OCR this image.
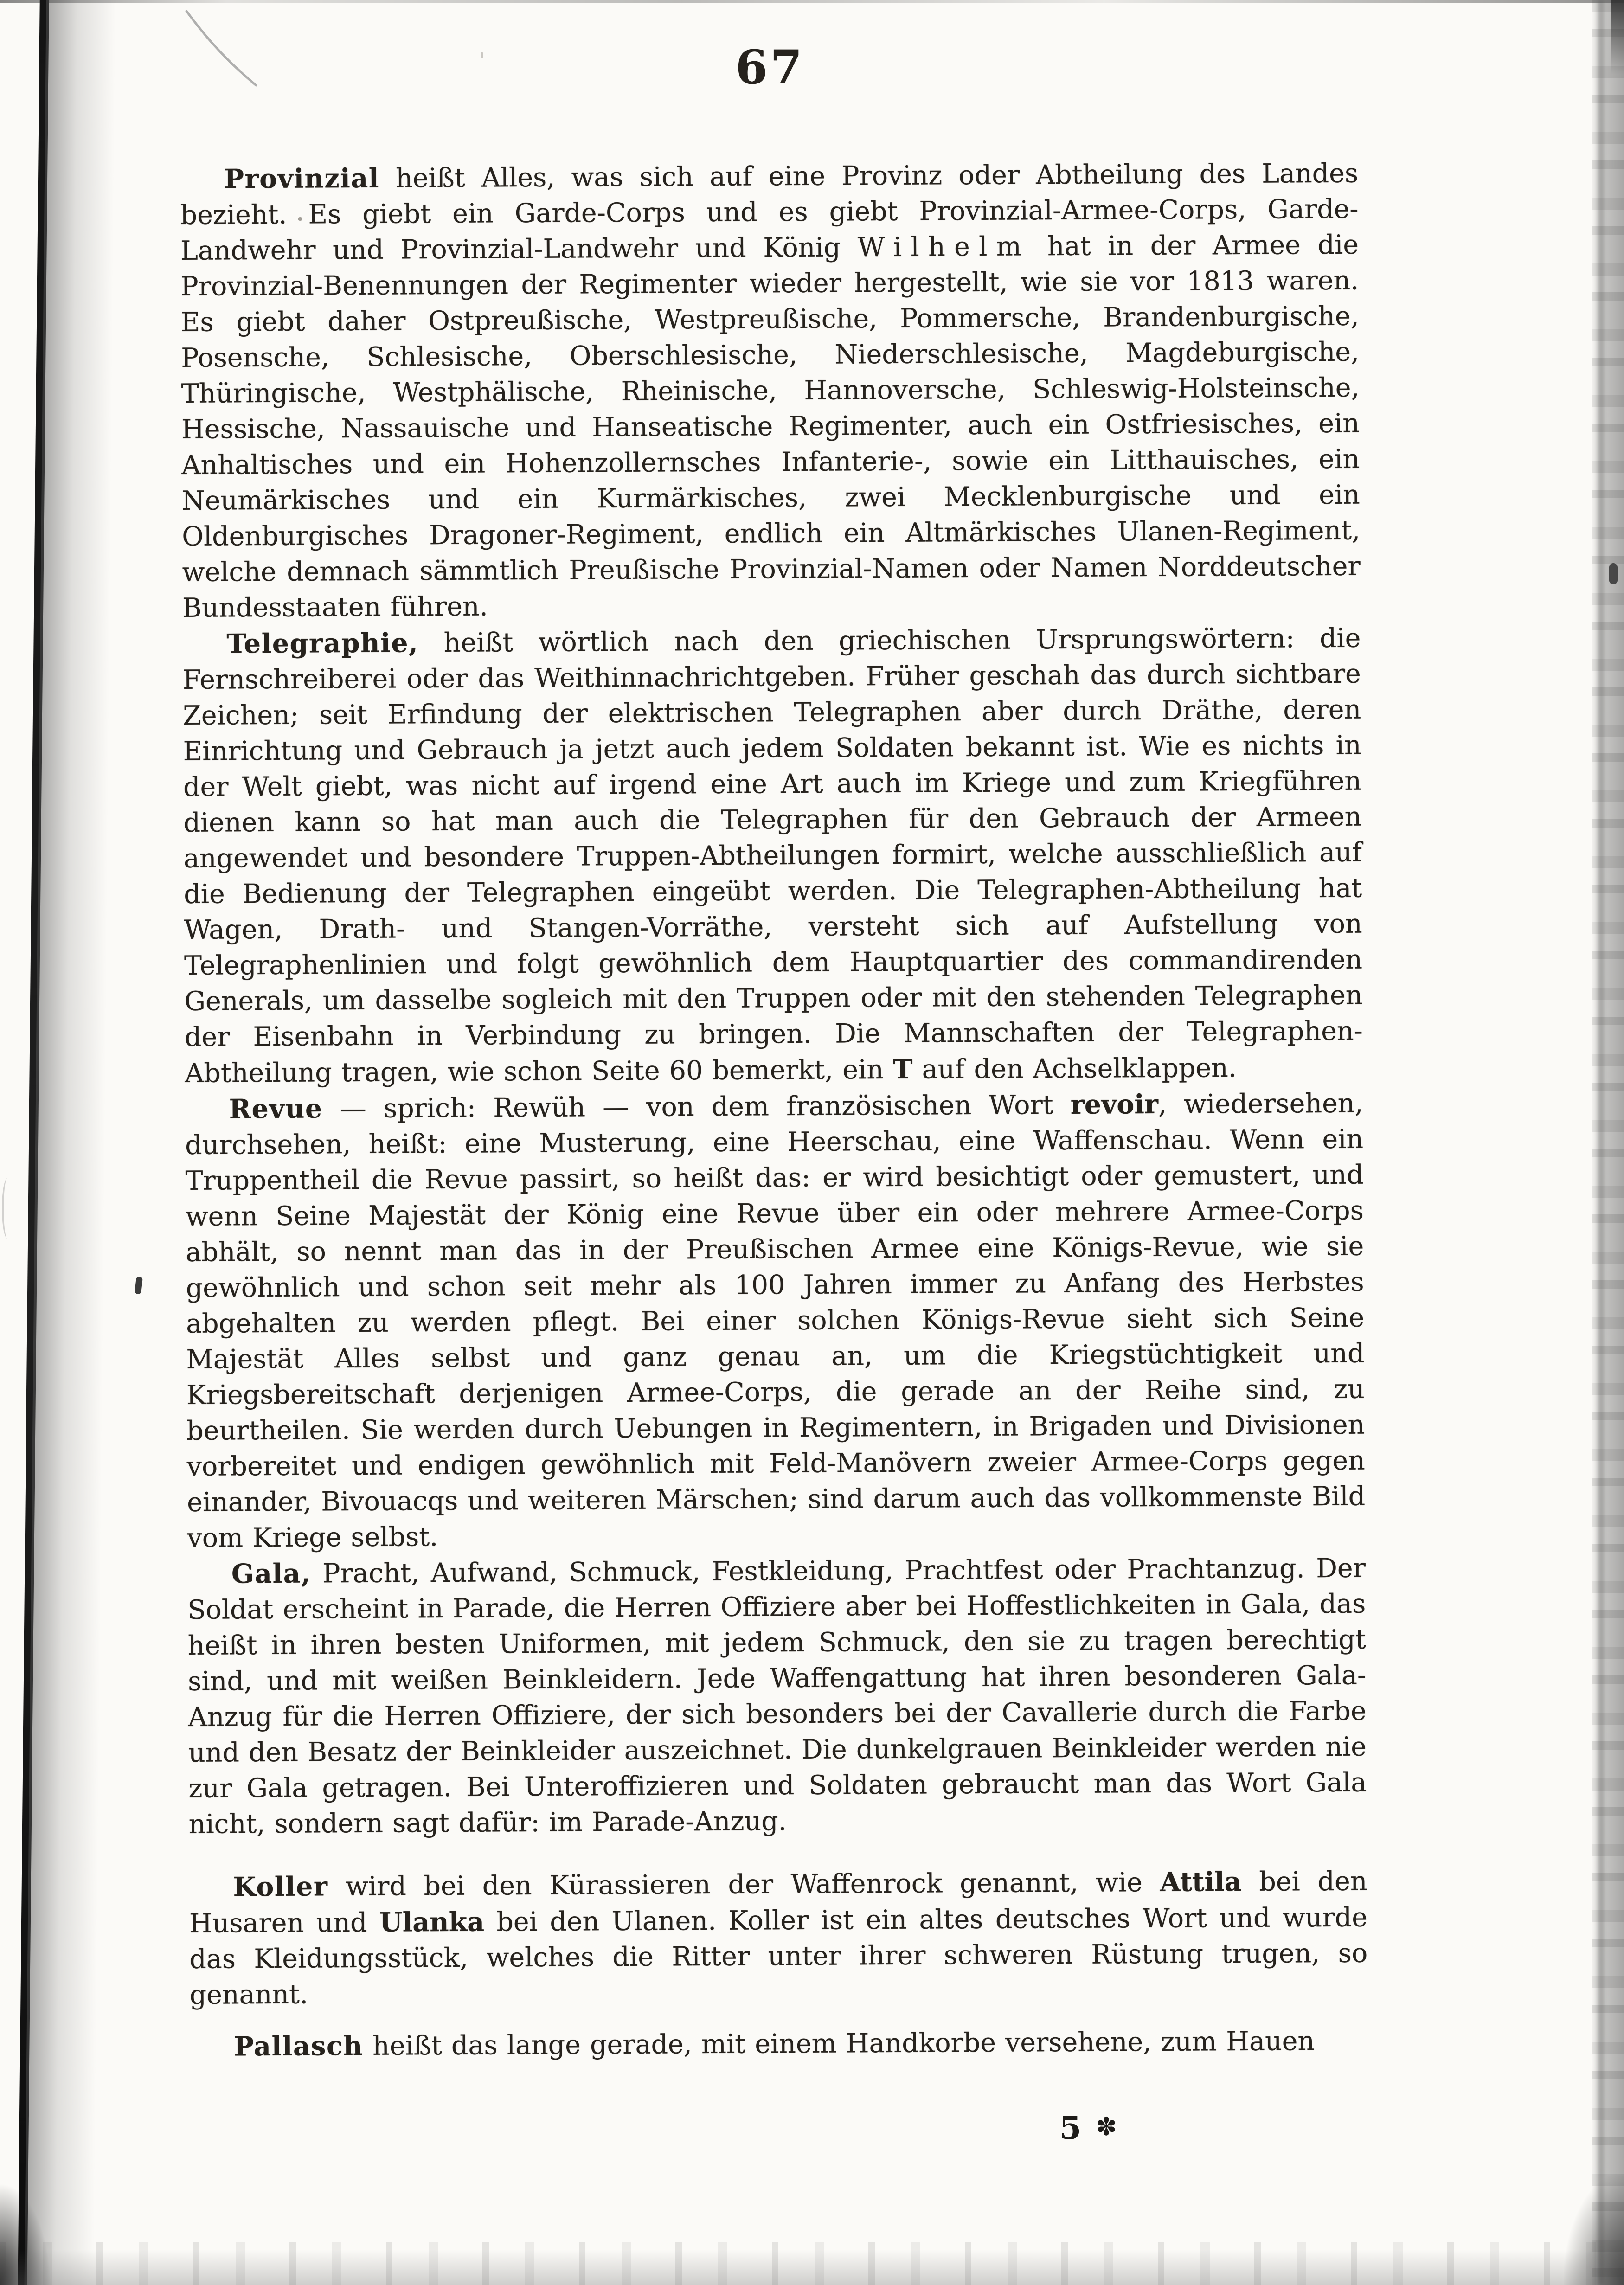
67

Provinzial heißt Alles, was sich auf eine Provinz oder Abtheilung des Landes bezieht. Es giebt ein Garde-Corps und es giebt Provinzial-Armee-Corps, Garde-Landwehr und Provinzial-Landwehr und König Wilhelm hat in der Armee die Provinzial-Benennungen der Regimenter wieder hergestellt, wie sie vor 1813 waren. Es giebt daher Ostpreußische, Westpreußische, Pommersche, Brandenburgische, Posensche, Schlesische, Oberschlesische, Niederschlesische, Magdeburgische, Thüringische, Westphälische, Rheinische, Hannoversche, Schleswig-Holsteinsche, Hessische, Nassauische und Hanseatische Regimenter, auch ein Ostfriesisches, ein Anhaltisches und ein Hohenzollernsches Infanterie-, sowie ein Litthauisches, ein Neumärkisches und ein Kurmärkisches, zwei Mecklenburgische und ein Oldenburgisches Dragoner-Regiment, endlich ein Altmärkisches Ulanen-Regiment, welche demnach sämmtlich Preußische Provinzial-Namen oder Namen Norddeutscher Bundesstaaten führen.

Telegraphie, heißt wörtlich nach den griechischen Ursprungswörtern: die Fernschreiberei oder das Weithinnachrichtgeben. Früher geschah das durch sichtbare Zeichen; seit Erfindung der elektrischen Telegraphen aber durch Dräthe, deren Einrichtung und Gebrauch ja jetzt auch jedem Soldaten bekannt ist. Wie es nichts in der Welt giebt, was nicht auf irgend eine Art auch im Kriege und zum Kriegführen dienen kann so hat man auch die Telegraphen für den Gebrauch der Armeen angewendet und besondere Truppen-Abtheilungen formirt, welche ausschließlich auf die Bedienung der Telegraphen eingeübt werden. Die Telegraphen-Abtheilung hat Wagen, Drath- und Stangen-Vorräthe, versteht sich auf Aufstellung von Telegraphenlinien und folgt gewöhnlich dem Hauptquartier des commandirenden Generals, um dasselbe sogleich mit den Truppen oder mit den stehenden Telegraphen der Eisenbahn in Verbindung zu bringen. Die Mannschaften der Telegraphen-Abtheilung tragen, wie schon Seite 60 bemerkt, ein T auf den Achselklappen.

Revue — sprich: Rewüh — von dem französischen Wort revoir, wiedersehen, durchsehen, heißt: eine Musterung, eine Heerschau, eine Waffenschau. Wenn ein Truppentheil die Revue passirt, so heißt das: er wird besichtigt oder gemustert, und wenn Seine Majestät der König eine Revue über ein oder mehrere Armee-Corps abhält, so nennt man das in der Preußischen Armee eine Königs-Revue, wie sie gewöhnlich und schon seit mehr als 100 Jahren immer zu Anfang des Herbstes abgehalten zu werden pflegt. Bei einer solchen Königs-Revue sieht sich Seine Majestät Alles selbst und ganz genau an, um die Kriegstüchtigkeit und Kriegsbereitschaft derjenigen Armee-Corps, die gerade an der Reihe sind, zu beurtheilen. Sie werden durch Uebungen in Regimentern, in Brigaden und Divisionen vorbereitet und endigen gewöhnlich mit Feld-Manövern zweier Armee-Corps gegen einander, Bivouacqs und weiteren Märschen; sind darum auch das vollkommenste Bild vom Kriege selbst.

Gala, Pracht, Aufwand, Schmuck, Festkleidung, Prachtfest oder Prachtanzug. Der Soldat erscheint in Parade, die Herren Offiziere aber bei Hoffestlichkeiten in Gala, das heißt in ihren besten Uniformen, mit jedem Schmuck, den sie zu tragen berechtigt sind, und mit weißen Beinkleidern. Jede Waffengattung hat ihren besonderen Gala-Anzug für die Herren Offiziere, der sich besonders bei der Cavallerie durch die Farbe und den Besatz der Beinkleider auszeichnet. Die dunkelgrauen Beinkleider werden nie zur Gala getragen. Bei Unteroffizieren und Soldaten gebraucht man das Wort Gala nicht, sondern sagt dafür: im Parade-Anzug.

Koller wird bei den Kürassieren der Waffenrock genannt, wie Attila bei den Husaren und Ulanka bei den Ulanen. Koller ist ein altes deutsches Wort und wurde das Kleidungsstück, welches die Ritter unter ihrer schweren Rüstung trugen, so genannt.

Pallasch heißt das lange gerade, mit einem Handkorbe versehene, zum Hauen

5 ✽
